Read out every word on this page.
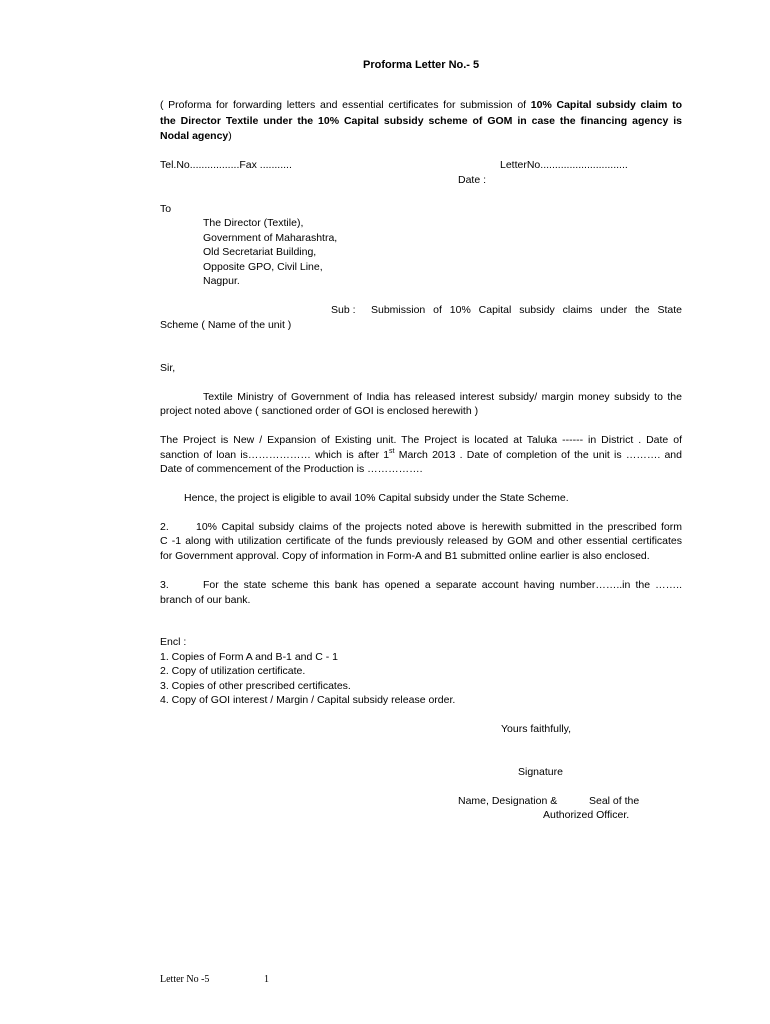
Proforma Letter No.- 5
( Proforma for forwarding letters and essential certificates for submission of 10% Capital subsidy claim to
the Director Textile under the 10% Capital subsidy scheme of GOM in case the financing agency is
Nodal agency)
Tel.No.................Fax ...........	LetterNo..............................
Date :
To
The Director (Textile),
Government of Maharashtra,
Old Secretariat Building,
Opposite GPO, Civil Line,
Nagpur.
Sub : Submission of 10% Capital subsidy claims under the State
Scheme ( Name of the unit )
Sir,
Textile Ministry of Government of India has released interest subsidy/ margin money subsidy to the
project noted above ( sanctioned order of GOI is enclosed herewith )
The Project is New / Expansion of Existing unit. The Project is located at Taluka ------ in District . Date of
sanction of loan is……………… which is after 1st March 2013 . Date of completion of the unit is ………. and
Date of commencement of the Production is …………….
Hence, the project is eligible to avail 10% Capital subsidy under the State Scheme.
2.	10% Capital subsidy claims of the projects noted above is herewith submitted in the prescribed form
C -1 along with utilization certificate of the funds previously released by GOM and other essential certificates
for Government approval. Copy of information in Form-A and B1 submitted online earlier is also enclosed.
3.	For the state scheme this bank has opened a separate account having number……..in the ……..
branch of our bank.
Encl :
1. Copies of Form A and B-1 and C - 1
2. Copy of utilization certificate.
3. Copies of other prescribed certificates.
4. Copy of GOI interest / Margin / Capital subsidy release order.
Yours faithfully,
Signature
Name, Designation &	Seal of the
Authorized Officer.
Letter No -5	1
